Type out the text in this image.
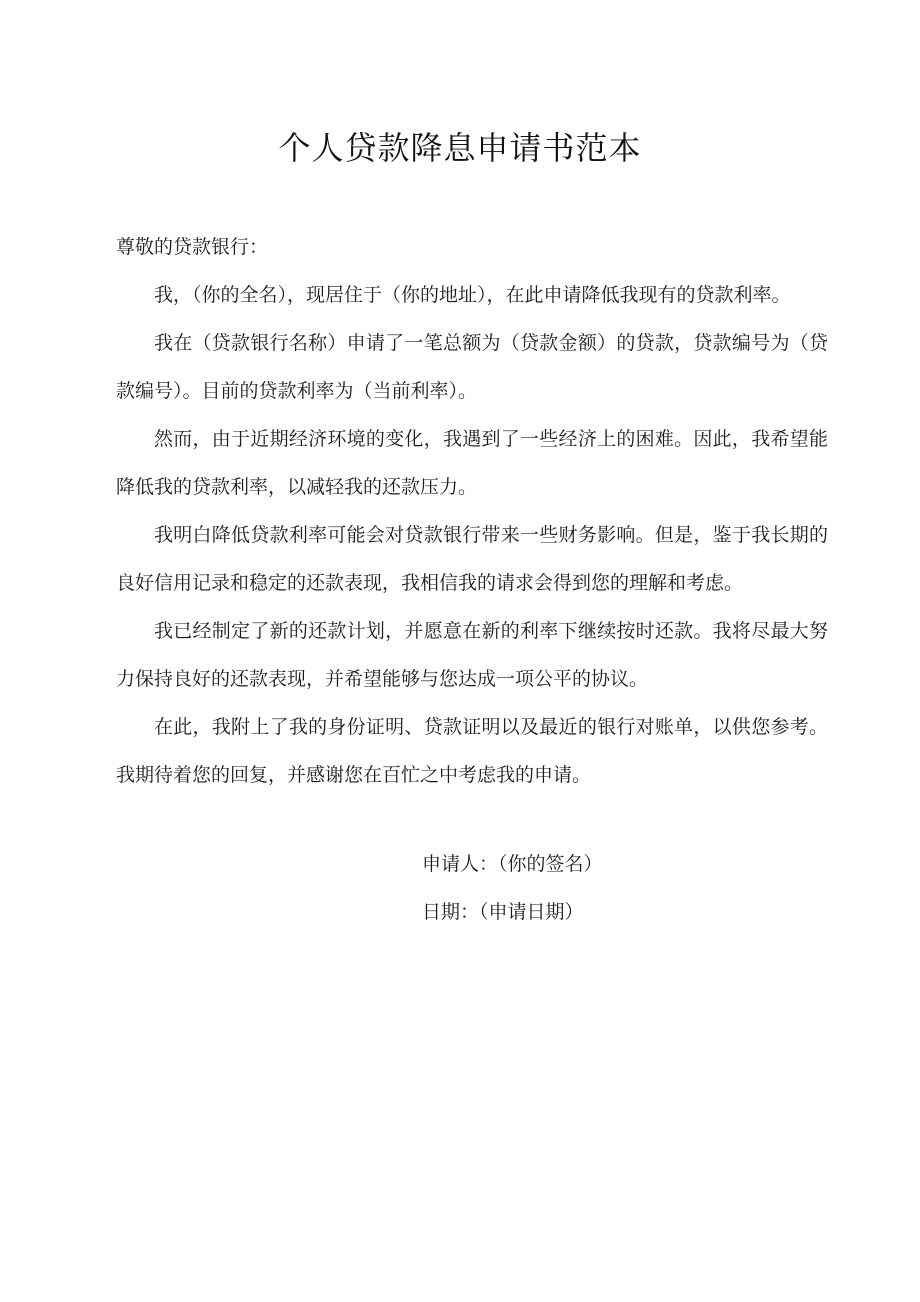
个人贷款降息申请书范本

尊敬的贷款银行：

我，（你的全名），现居住于（你的地址），在此申请降低我现有的贷款利率。

我在（贷款银行名称）申请了一笔总额为（贷款金额）的贷款，贷款编号为（贷款编号）。目前的贷款利率为（当前利率）。

然而，由于近期经济环境的变化，我遇到了一些经济上的困难。因此，我希望能降低我的贷款利率，以减轻我的还款压力。

我明白降低贷款利率可能会对贷款银行带来一些财务影响。但是，鉴于我长期的良好信用记录和稳定的还款表现，我相信我的请求会得到您的理解和考虑。

我已经制定了新的还款计划，并愿意在新的利率下继续按时还款。我将尽最大努力保持良好的还款表现，并希望能够与您达成一项公平的协议。

在此，我附上了我的身份证明、贷款证明以及最近的银行对账单，以供您参考。我期待着您的回复，并感谢您在百忙之中考虑我的申请。

申请人：（你的签名）

日期：（申请日期）
